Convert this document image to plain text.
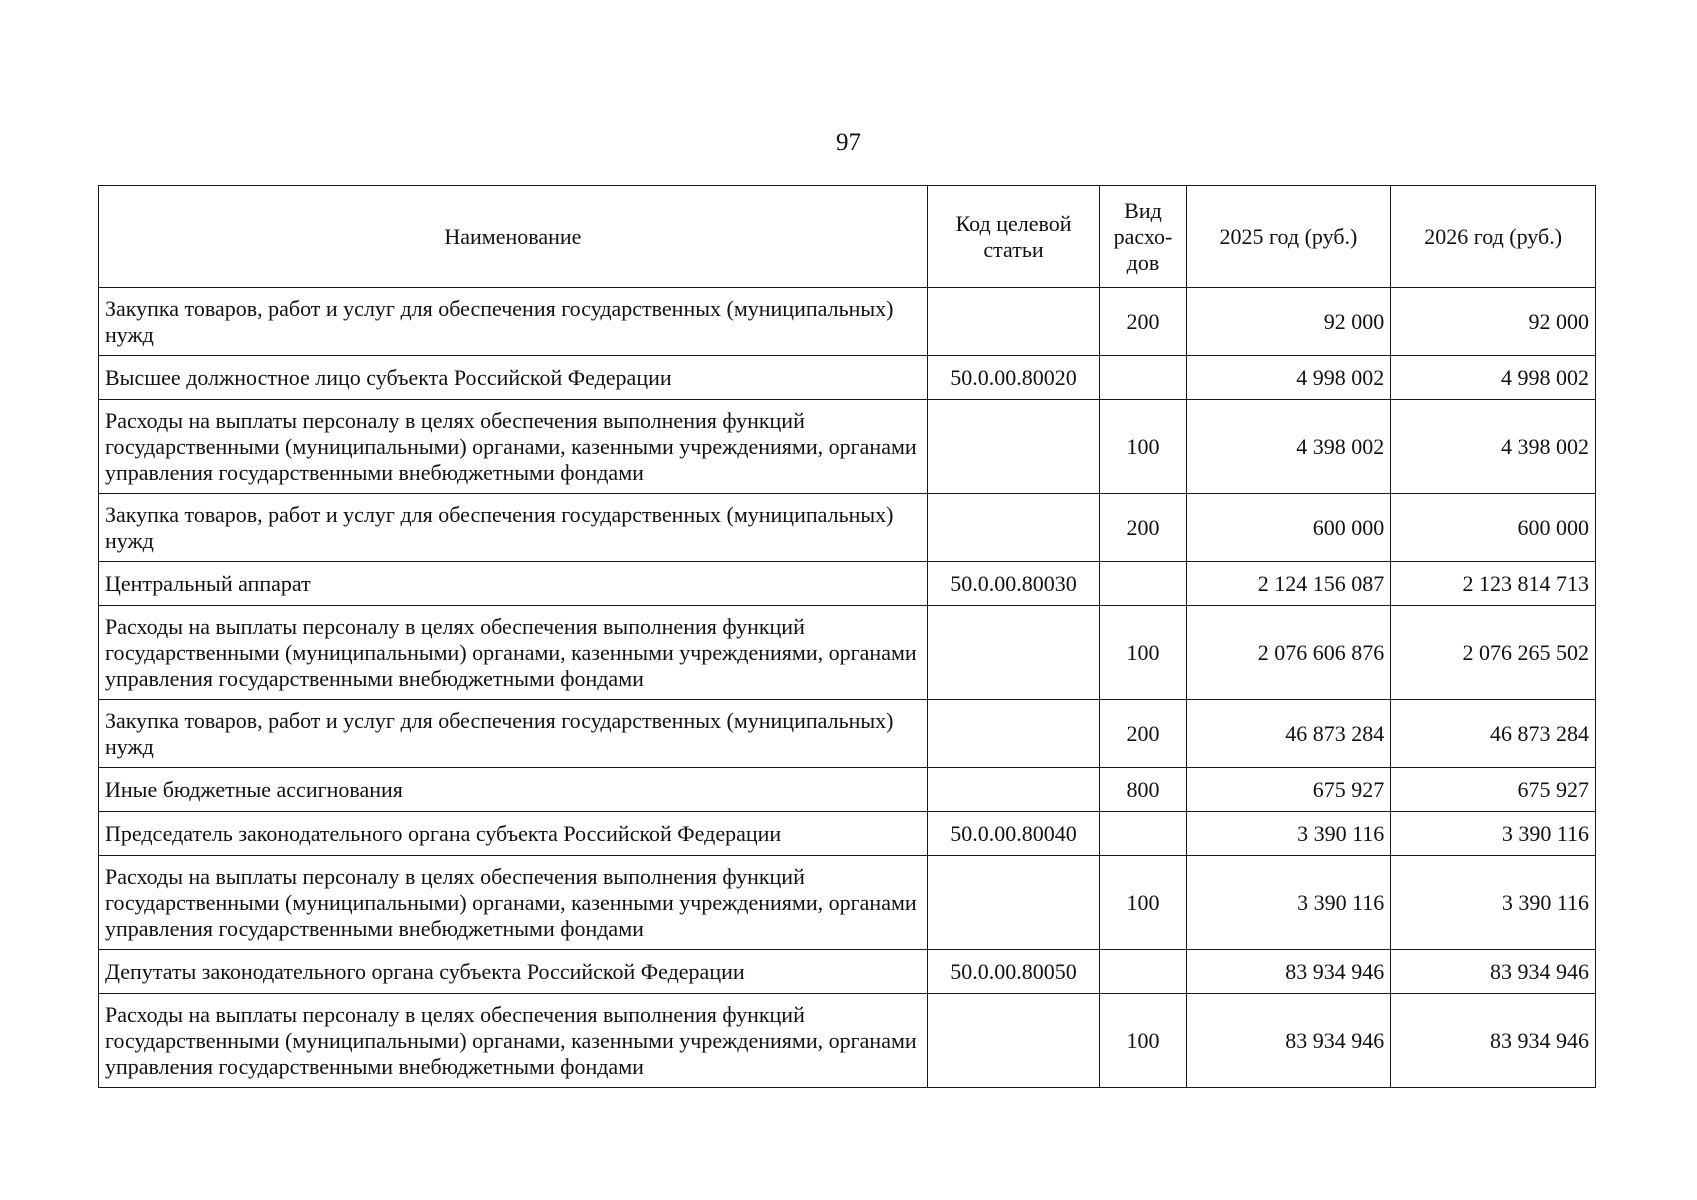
97
Наименование	Код целевой статьи	Вид расхо-дов	2025 год (руб.)	2026 год (руб.)
Закупка товаров, работ и услуг для обеспечения государственных (муниципальных) нужд		200	92 000	92 000
Высшее должностное лицо субъекта Российской Федерации	50.0.00.80020		4 998 002	4 998 002
Расходы на выплаты персоналу в целях обеспечения выполнения функций государственными (муниципальными) органами, казенными учреждениями, органами управления государственными внебюджетными фондами		100	4 398 002	4 398 002
Закупка товаров, работ и услуг для обеспечения государственных (муниципальных) нужд		200	600 000	600 000
Центральный аппарат	50.0.00.80030		2 124 156 087	2 123 814 713
Расходы на выплаты персоналу в целях обеспечения выполнения функций государственными (муниципальными) органами, казенными учреждениями, органами управления государственными внебюджетными фондами		100	2 076 606 876	2 076 265 502
Закупка товаров, работ и услуг для обеспечения государственных (муниципальных) нужд		200	46 873 284	46 873 284
Иные бюджетные ассигнования		800	675 927	675 927
Председатель законодательного органа субъекта Российской Федерации	50.0.00.80040		3 390 116	3 390 116
Расходы на выплаты персоналу в целях обеспечения выполнения функций государственными (муниципальными) органами, казенными учреждениями, органами управления государственными внебюджетными фондами		100	3 390 116	3 390 116
Депутаты законодательного органа субъекта Российской Федерации	50.0.00.80050		83 934 946	83 934 946
Расходы на выплаты персоналу в целях обеспечения выполнения функций государственными (муниципальными) органами, казенными учреждениями, органами управления государственными внебюджетными фондами		100	83 934 946	83 934 946
